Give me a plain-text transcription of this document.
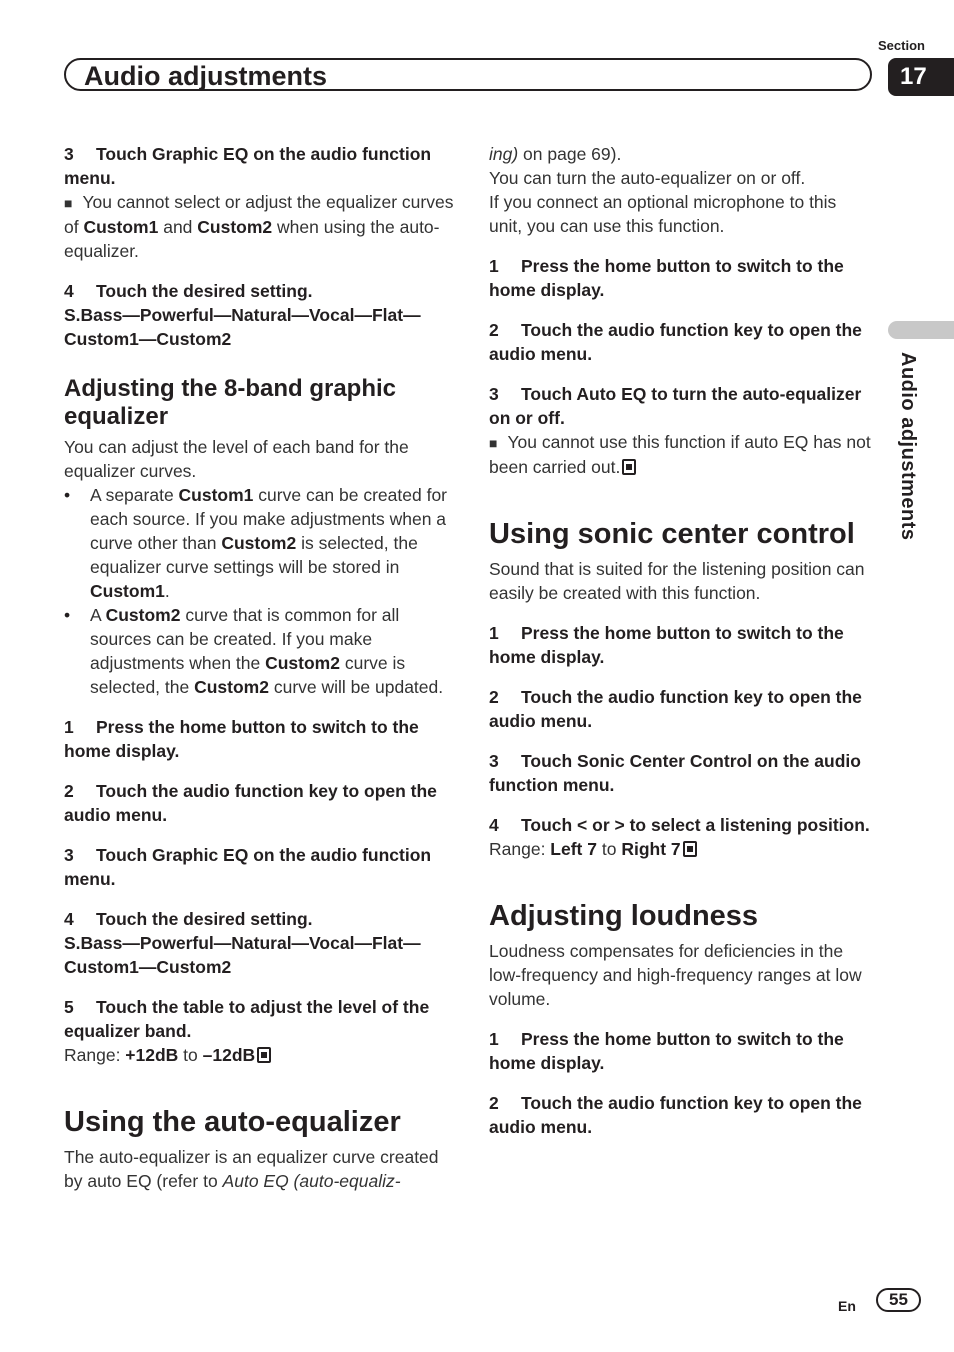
Audio adjustments
Section
17
Audio adjustments

3 Touch Graphic EQ on the audio function menu.

■ You cannot select or adjust the equalizer curves of Custom1 and Custom2 when using the auto-equalizer.

4 Touch the desired setting.

S.Bass—Powerful—Natural—Vocal—Flat—Custom1—Custom2

Adjusting the 8-band graphic equalizer

You can adjust the level of each band for the equalizer curves.

•	A separate Custom1 curve can be created for each source. If you make adjustments when a curve other than Custom2 is selected, the equalizer curve settings will be stored in Custom1.

•	A Custom2 curve that is common for all sources can be created. If you make adjustments when the Custom2 curve is selected, the Custom2 curve will be updated.

1 Press the home button to switch to the home display.

2 Touch the audio function key to open the audio menu.

3 Touch Graphic EQ on the audio function menu.

4 Touch the desired setting.

S.Bass—Powerful—Natural—Vocal—Flat—Custom1—Custom2

5 Touch the table to adjust the level of the equalizer band.

Range: +12dB to –12dB

Using the auto-equalizer

The auto-equalizer is an equalizer curve created by auto EQ (refer to Auto EQ (auto-equaliz-

ing) on page 69).

You can turn the auto-equalizer on or off.

If you connect an optional microphone to this unit, you can use this function.

1 Press the home button to switch to the home display.

2 Touch the audio function key to open the audio menu.

3 Touch Auto EQ to turn the auto-equalizer on or off.

■ You cannot use this function if auto EQ has not been carried out.

Using sonic center control

Sound that is suited for the listening position can easily be created with this function.

1 Press the home button to switch to the home display.

2 Touch the audio function key to open the audio menu.

3 Touch Sonic Center Control on the audio function menu.

4 Touch < or > to select a listening position.

Range: Left 7 to Right 7

Adjusting loudness

Loudness compensates for deficiencies in the low-frequency and high-frequency ranges at low volume.

1 Press the home button to switch to the home display.

2 Touch the audio function key to open the audio menu.

En	55
